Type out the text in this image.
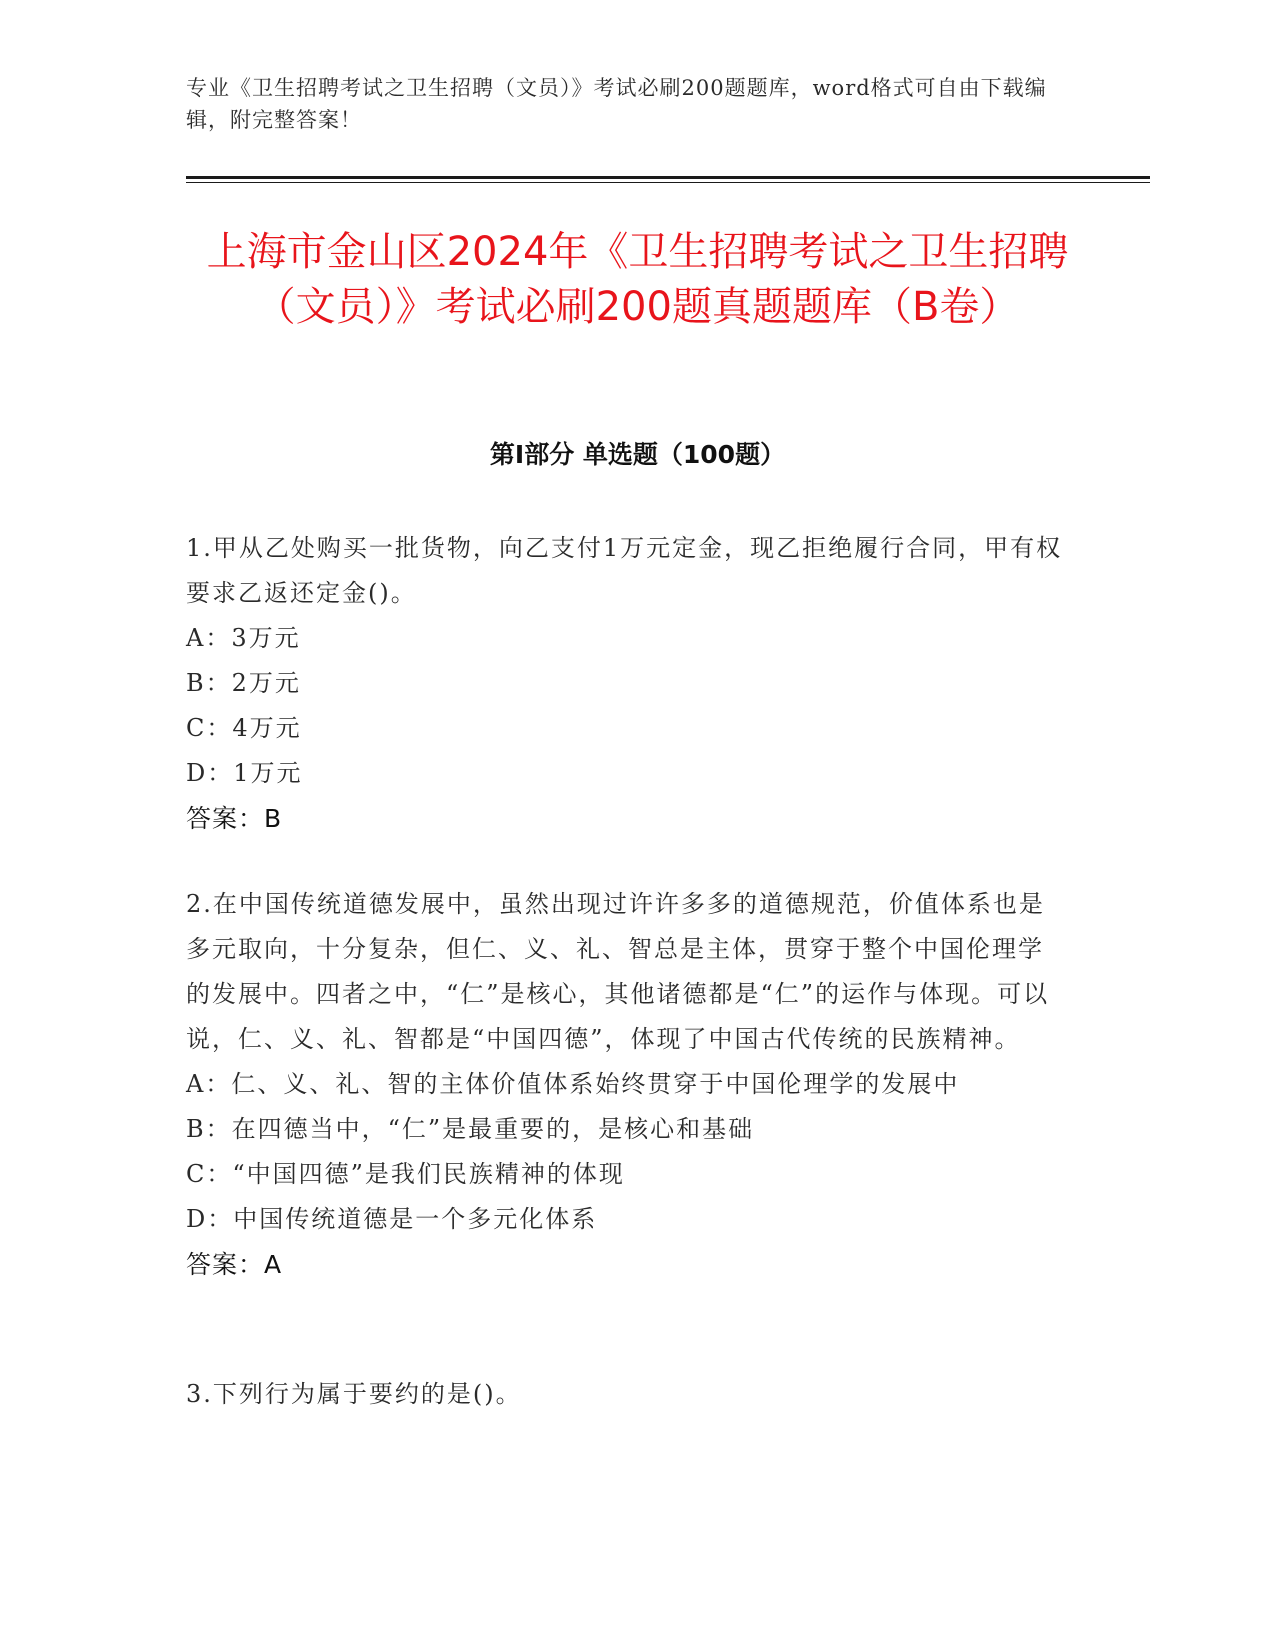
专业《卫生招聘考试之卫生招聘（文员）》考试必刷200题题库，word格式可自由下载编辑，附完整答案！
上海市金山区2024年《卫生招聘考试之卫生招聘（文员）》考试必刷200题真题题库（B卷）
第Ⅰ部分 单选题（100题）

1.甲从乙处购买一批货物，向乙支付1万元定金，现乙拒绝履行合同，甲有权要求乙返还定金()。

A：3万元

B：2万元

C：4万元

D：1万元

答案：B

2.在中国传统道德发展中，虽然出现过许许多多的道德规范，价值体系也是多元取向，十分复杂，但仁、义、礼、智总是主体，贯穿于整个中国伦理学的发展中。四者之中，“仁”是核心，其他诸德都是“仁”的运作与体现。可以说，仁、义、礼、智都是“中国四德”，体现了中国古代传统的民族精神。

A：仁、义、礼、智的主体价值体系始终贯穿于中国伦理学的发展中

B：在四德当中，“仁”是最重要的，是核心和基础

C：“中国四德”是我们民族精神的体现

D：中国传统道德是一个多元化体系

答案：A

3.下列行为属于要约的是()。
